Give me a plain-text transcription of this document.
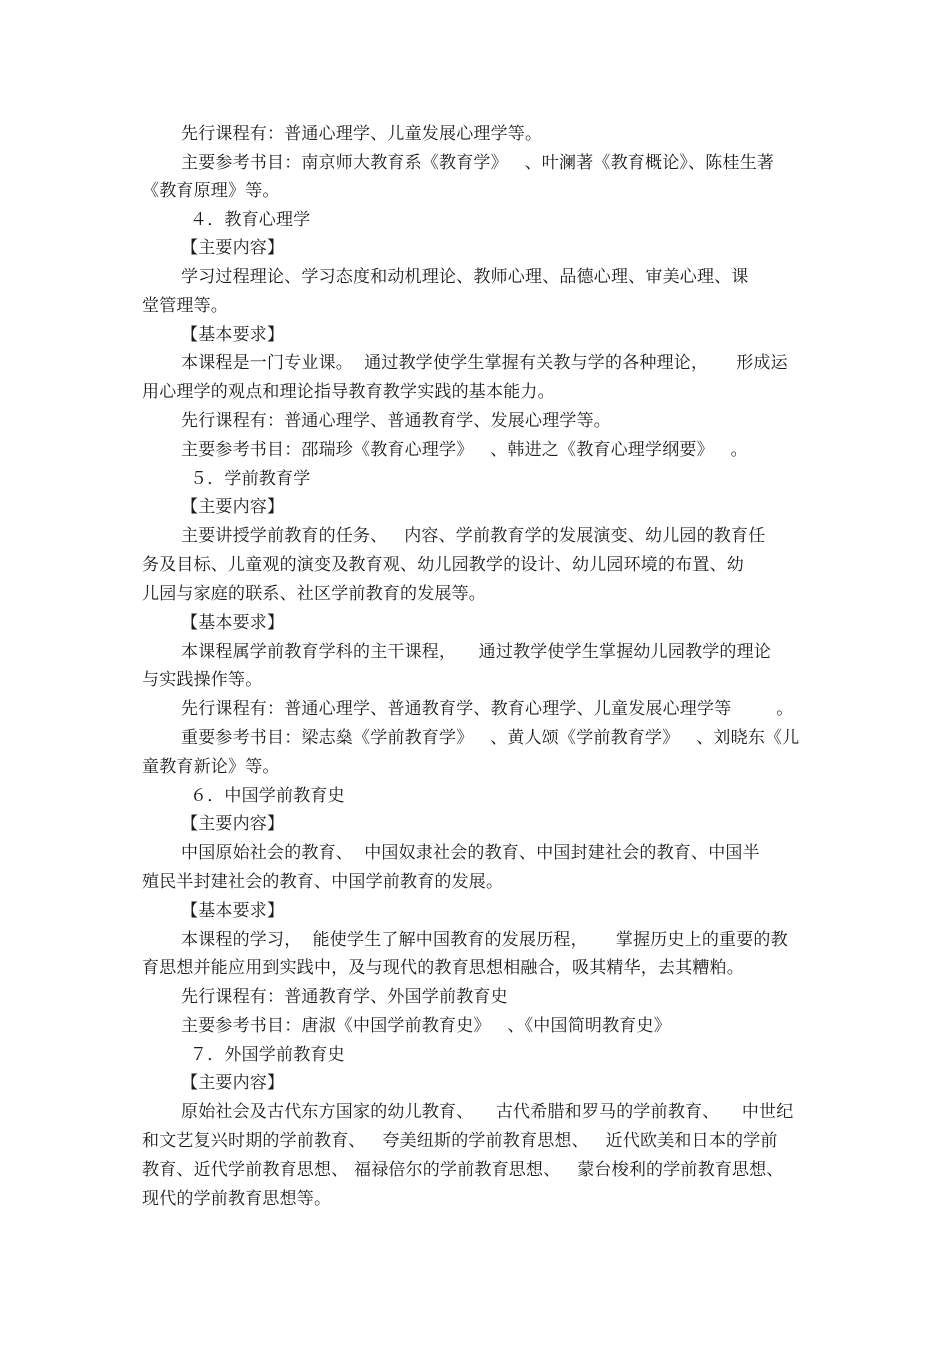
先行课程有：普通心理学、儿童发展心理学等。
主要参考书目：南京师大教育系《教育学》   、叶澜著《教育概论》、陈桂生著
《教育原理》等。
４．教育心理学
【主要内容】
学习过程理论、学习态度和动机理论、教师心理、品德心理、审美心理、课
堂管理等。
【基本要求】
本课程是一门专业课。  通过教学使学生掌握有关教与学的各种理论，     形成运
用心理学的观点和理论指导教育教学实践的基本能力。
先行课程有：普通心理学、普通教育学、发展心理学等。
主要参考书目：邵瑞珍《教育心理学》   、韩进之《教育心理学纲要》   。
５．学前教育学
【主要内容】
主要讲授学前教育的任务、   内容、学前教育学的发展演变、幼儿园的教育任
务及目标、儿童观的演变及教育观、幼儿园教学的设计、幼儿园环境的布置、幼
儿园与家庭的联系、社区学前教育的发展等。
【基本要求】
本课程属学前教育学科的主干课程，    通过教学使学生掌握幼儿园教学的理论
与实践操作等。
先行课程有：普通心理学、普通教育学、教育心理学、儿童发展心理学等        。
重要参考书目：梁志燊《学前教育学》   、黄人颂《学前教育学》   、刘晓东《儿
童教育新论》等。
６．中国学前教育史
【主要内容】
中国原始社会的教育、  中国奴隶社会的教育、中国封建社会的教育、中国半
殖民半封建社会的教育、中国学前教育的发展。
【基本要求】
本课程的学习，  能使学生了解中国教育的发展历程，     掌握历史上的重要的教
育思想并能应用到实践中，及与现代的教育思想相融合，吸其精华，去其糟粕。
先行课程有：普通教育学、外国学前教育史
主要参考书目：唐淑《中国学前教育史》   、《中国简明教育史》
７．外国学前教育史
【主要内容】
原始社会及古代东方国家的幼儿教育、    古代希腊和罗马的学前教育、    中世纪
和文艺复兴时期的学前教育、   夸美纽斯的学前教育思想、   近代欧美和日本的学前
教育、近代学前教育思想、 福禄倍尔的学前教育思想、   蒙台梭利的学前教育思想、
现代的学前教育思想等。
